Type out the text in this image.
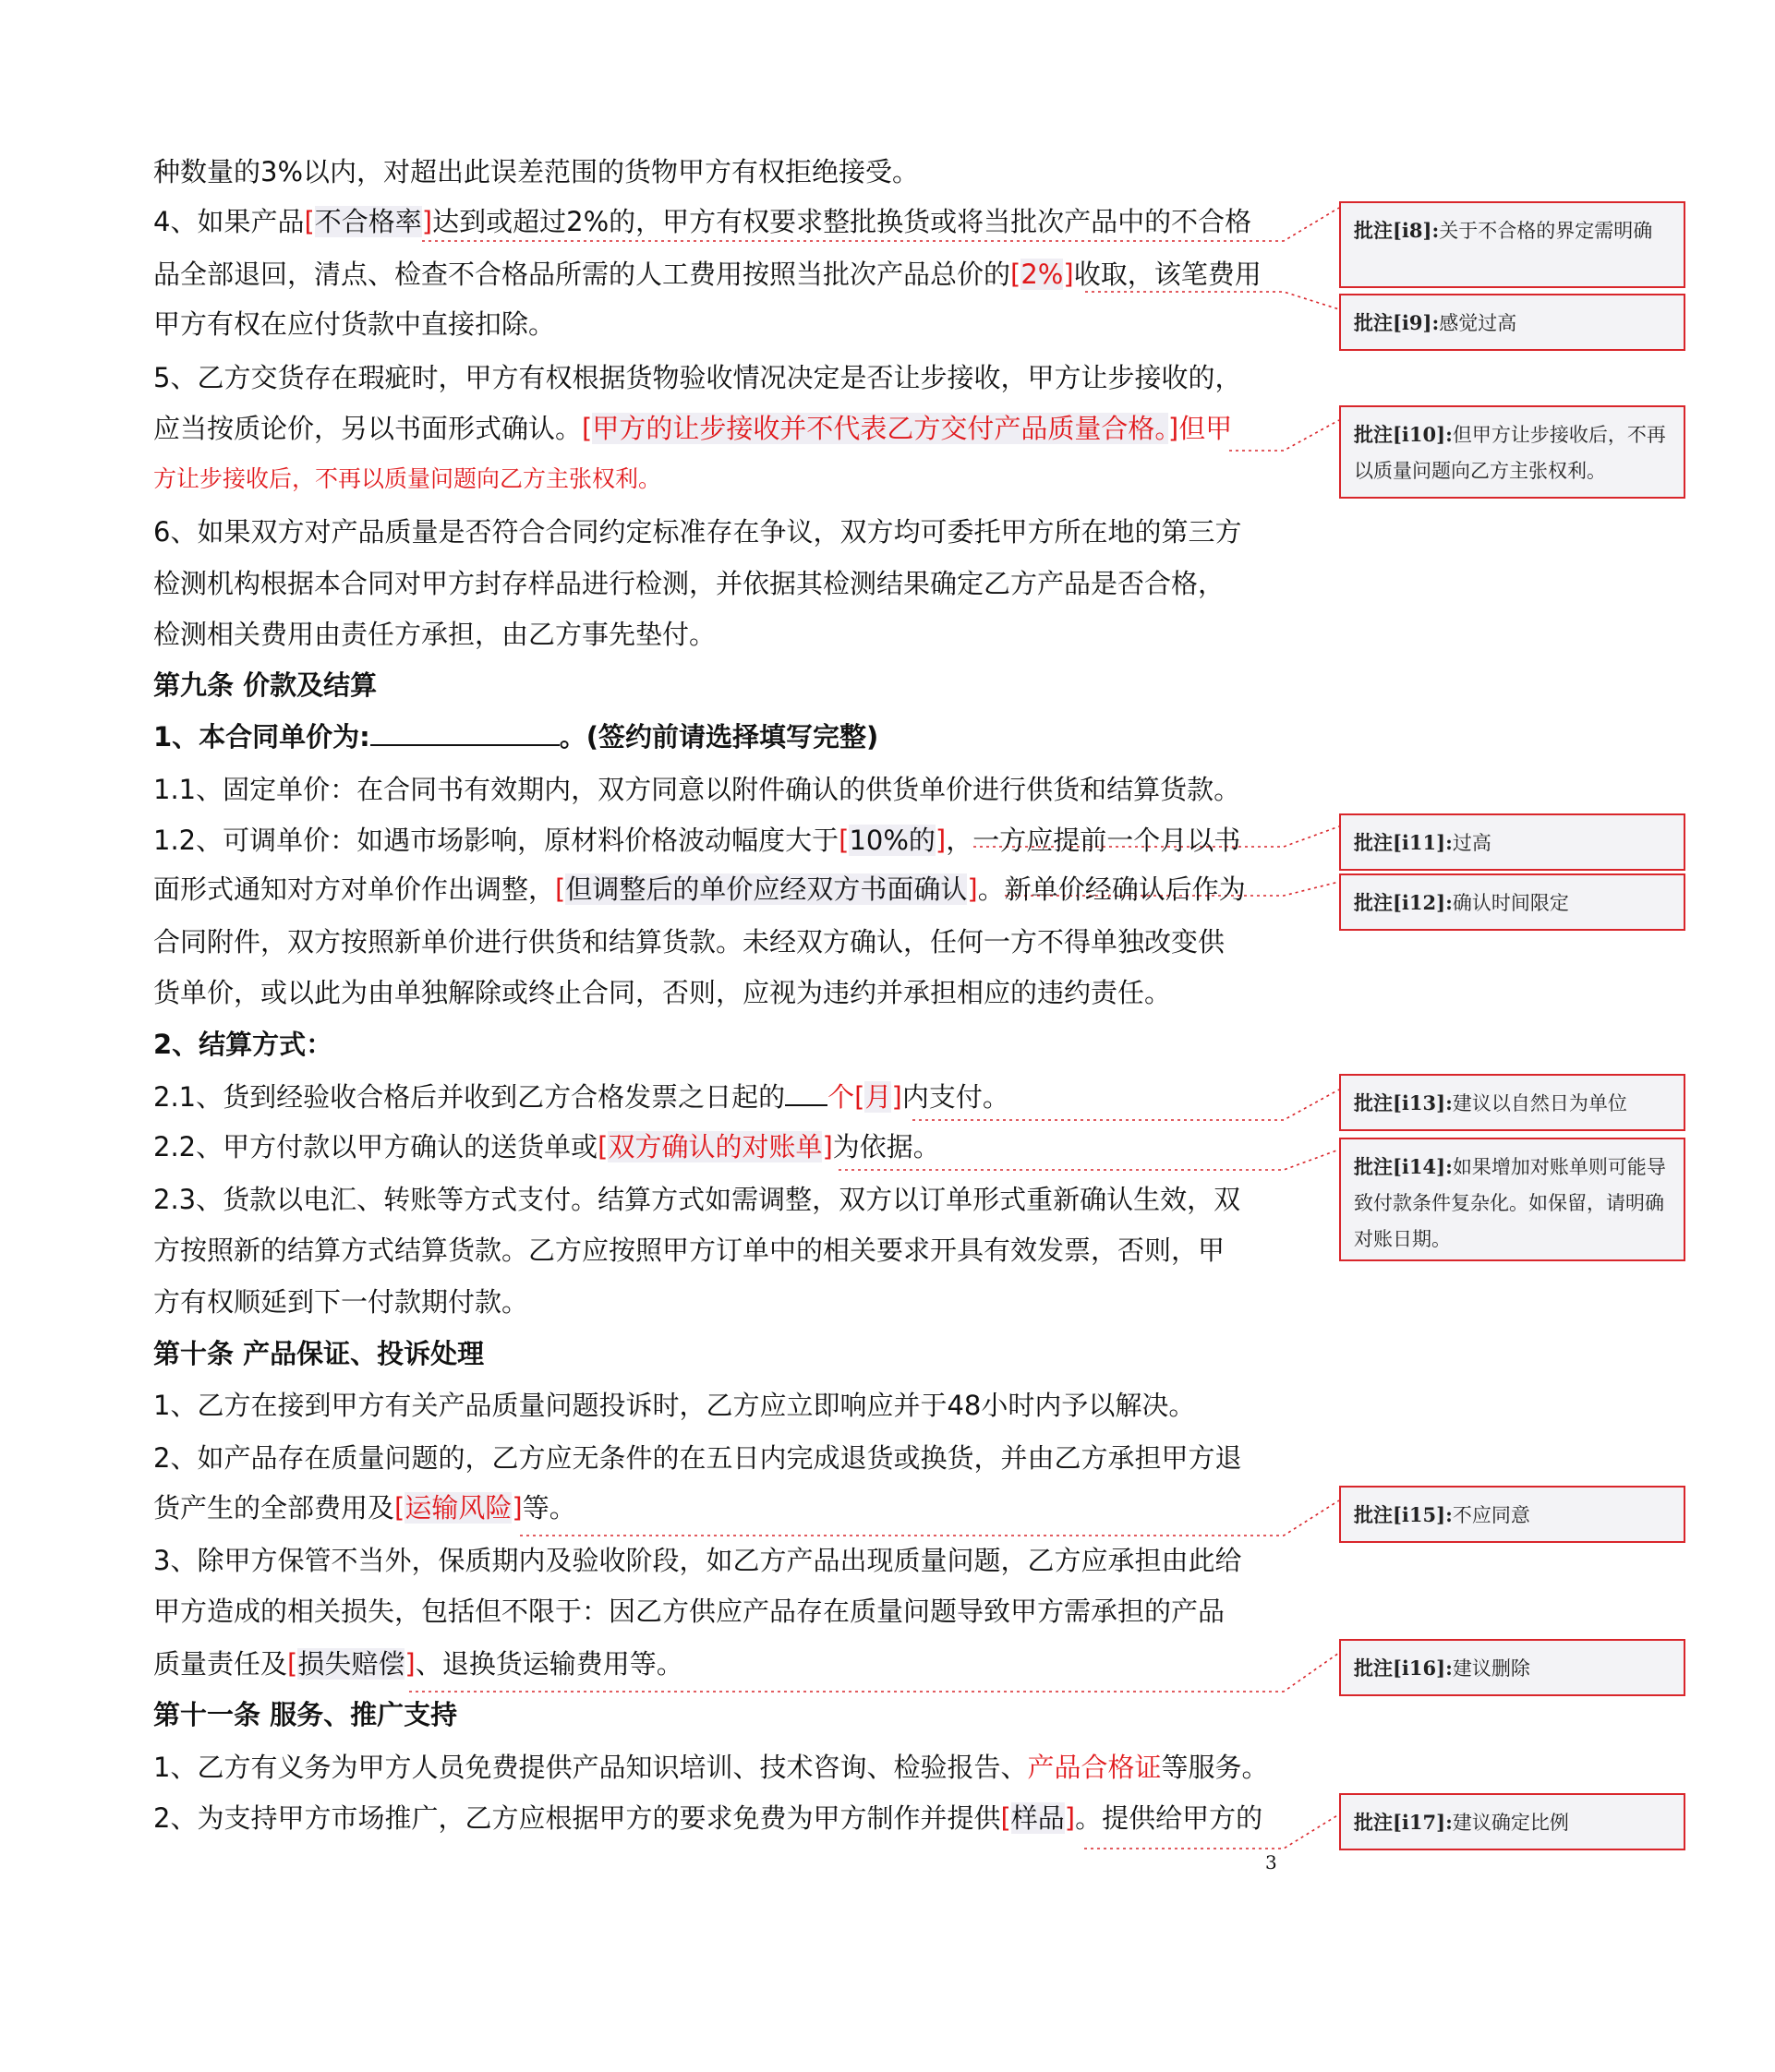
种数量的3%以内，对超出此误差范围的货物甲方有权拒绝接受。
4、如果产品[不合格率]达到或超过2%的，甲方有权要求整批换货或将当批次产品中的不合格
品全部退回，清点、检查不合格品所需的人工费用按照当批次产品总价的[2%]收取，该笔费用
甲方有权在应付货款中直接扣除。
5、乙方交货存在瑕疵时，甲方有权根据货物验收情况决定是否让步接收，甲方让步接收的，
应当按质论价，另以书面形式确认。[甲方的让步接收并不代表乙方交付产品质量合格。]但甲
方让步接收后，不再以质量问题向乙方主张权利。
6、如果双方对产品质量是否符合合同约定标准存在争议，双方均可委托甲方所在地的第三方
检测机构根据本合同对甲方封存样品进行检测，并依据其检测结果确定乙方产品是否合格，
检测相关费用由责任方承担，由乙方事先垫付。
第九条 价款及结算
1、本合同单价为:	。(签约前请选择填写完整)
1.1、固定单价：在合同书有效期内，双方同意以附件确认的供货单价进行供货和结算货款。
1.2、可调单价：如遇市场影响，原材料价格波动幅度大于[10%的]，一方应提前一个月以书
面形式通知对方对单价作出调整，[但调整后的单价应经双方书面确认]。新单价经确认后作为
合同附件，双方按照新单价进行供货和结算货款。未经双方确认，任何一方不得单独改变供
货单价，或以此为由单独解除或终止合同，否则，应视为违约并承担相应的违约责任。
2、结算方式：
2.1、货到经验收合格后并收到乙方合格发票之日起的 个[月]内支付。
2.2、甲方付款以甲方确认的送货单或[双方确认的对账单]为依据。
2.3、货款以电汇、转账等方式支付。结算方式如需调整，双方以订单形式重新确认生效，双
方按照新的结算方式结算货款。乙方应按照甲方订单中的相关要求开具有效发票，否则，甲
方有权顺延到下一付款期付款。
第十条 产品保证、投诉处理
1、乙方在接到甲方有关产品质量问题投诉时，乙方应立即响应并于48小时内予以解决。
2、如产品存在质量问题的，乙方应无条件的在五日内完成退货或换货，并由乙方承担甲方退
货产生的全部费用及[运输风险]等。
3、除甲方保管不当外，保质期内及验收阶段，如乙方产品出现质量问题，乙方应承担由此给
甲方造成的相关损失，包括但不限于：因乙方供应产品存在质量问题导致甲方需承担的产品
质量责任及[损失赔偿]、退换货运输费用等。
第十一条 服务、推广支持
1、乙方有义务为甲方人员免费提供产品知识培训、技术咨询、检验报告、产品合格证等服务。
2、为支持甲方市场推广，乙方应根据甲方的要求免费为甲方制作并提供[样品]。提供给甲方的
3
批注[i8]:关于不合格的界定需明确
批注[i9]:感觉过高
批注[i10]:但甲方让步接收后，不再以质量问题向乙方主张权利。
批注[i11]:过高
批注[i12]:确认时间限定
批注[i13]:建议以自然日为单位
批注[i14]:如果增加对账单则可能导致付款条件复杂化。如保留，请明确对账日期。
批注[i15]:不应同意
批注[i16]:建议删除
批注[i17]:建议确定比例
